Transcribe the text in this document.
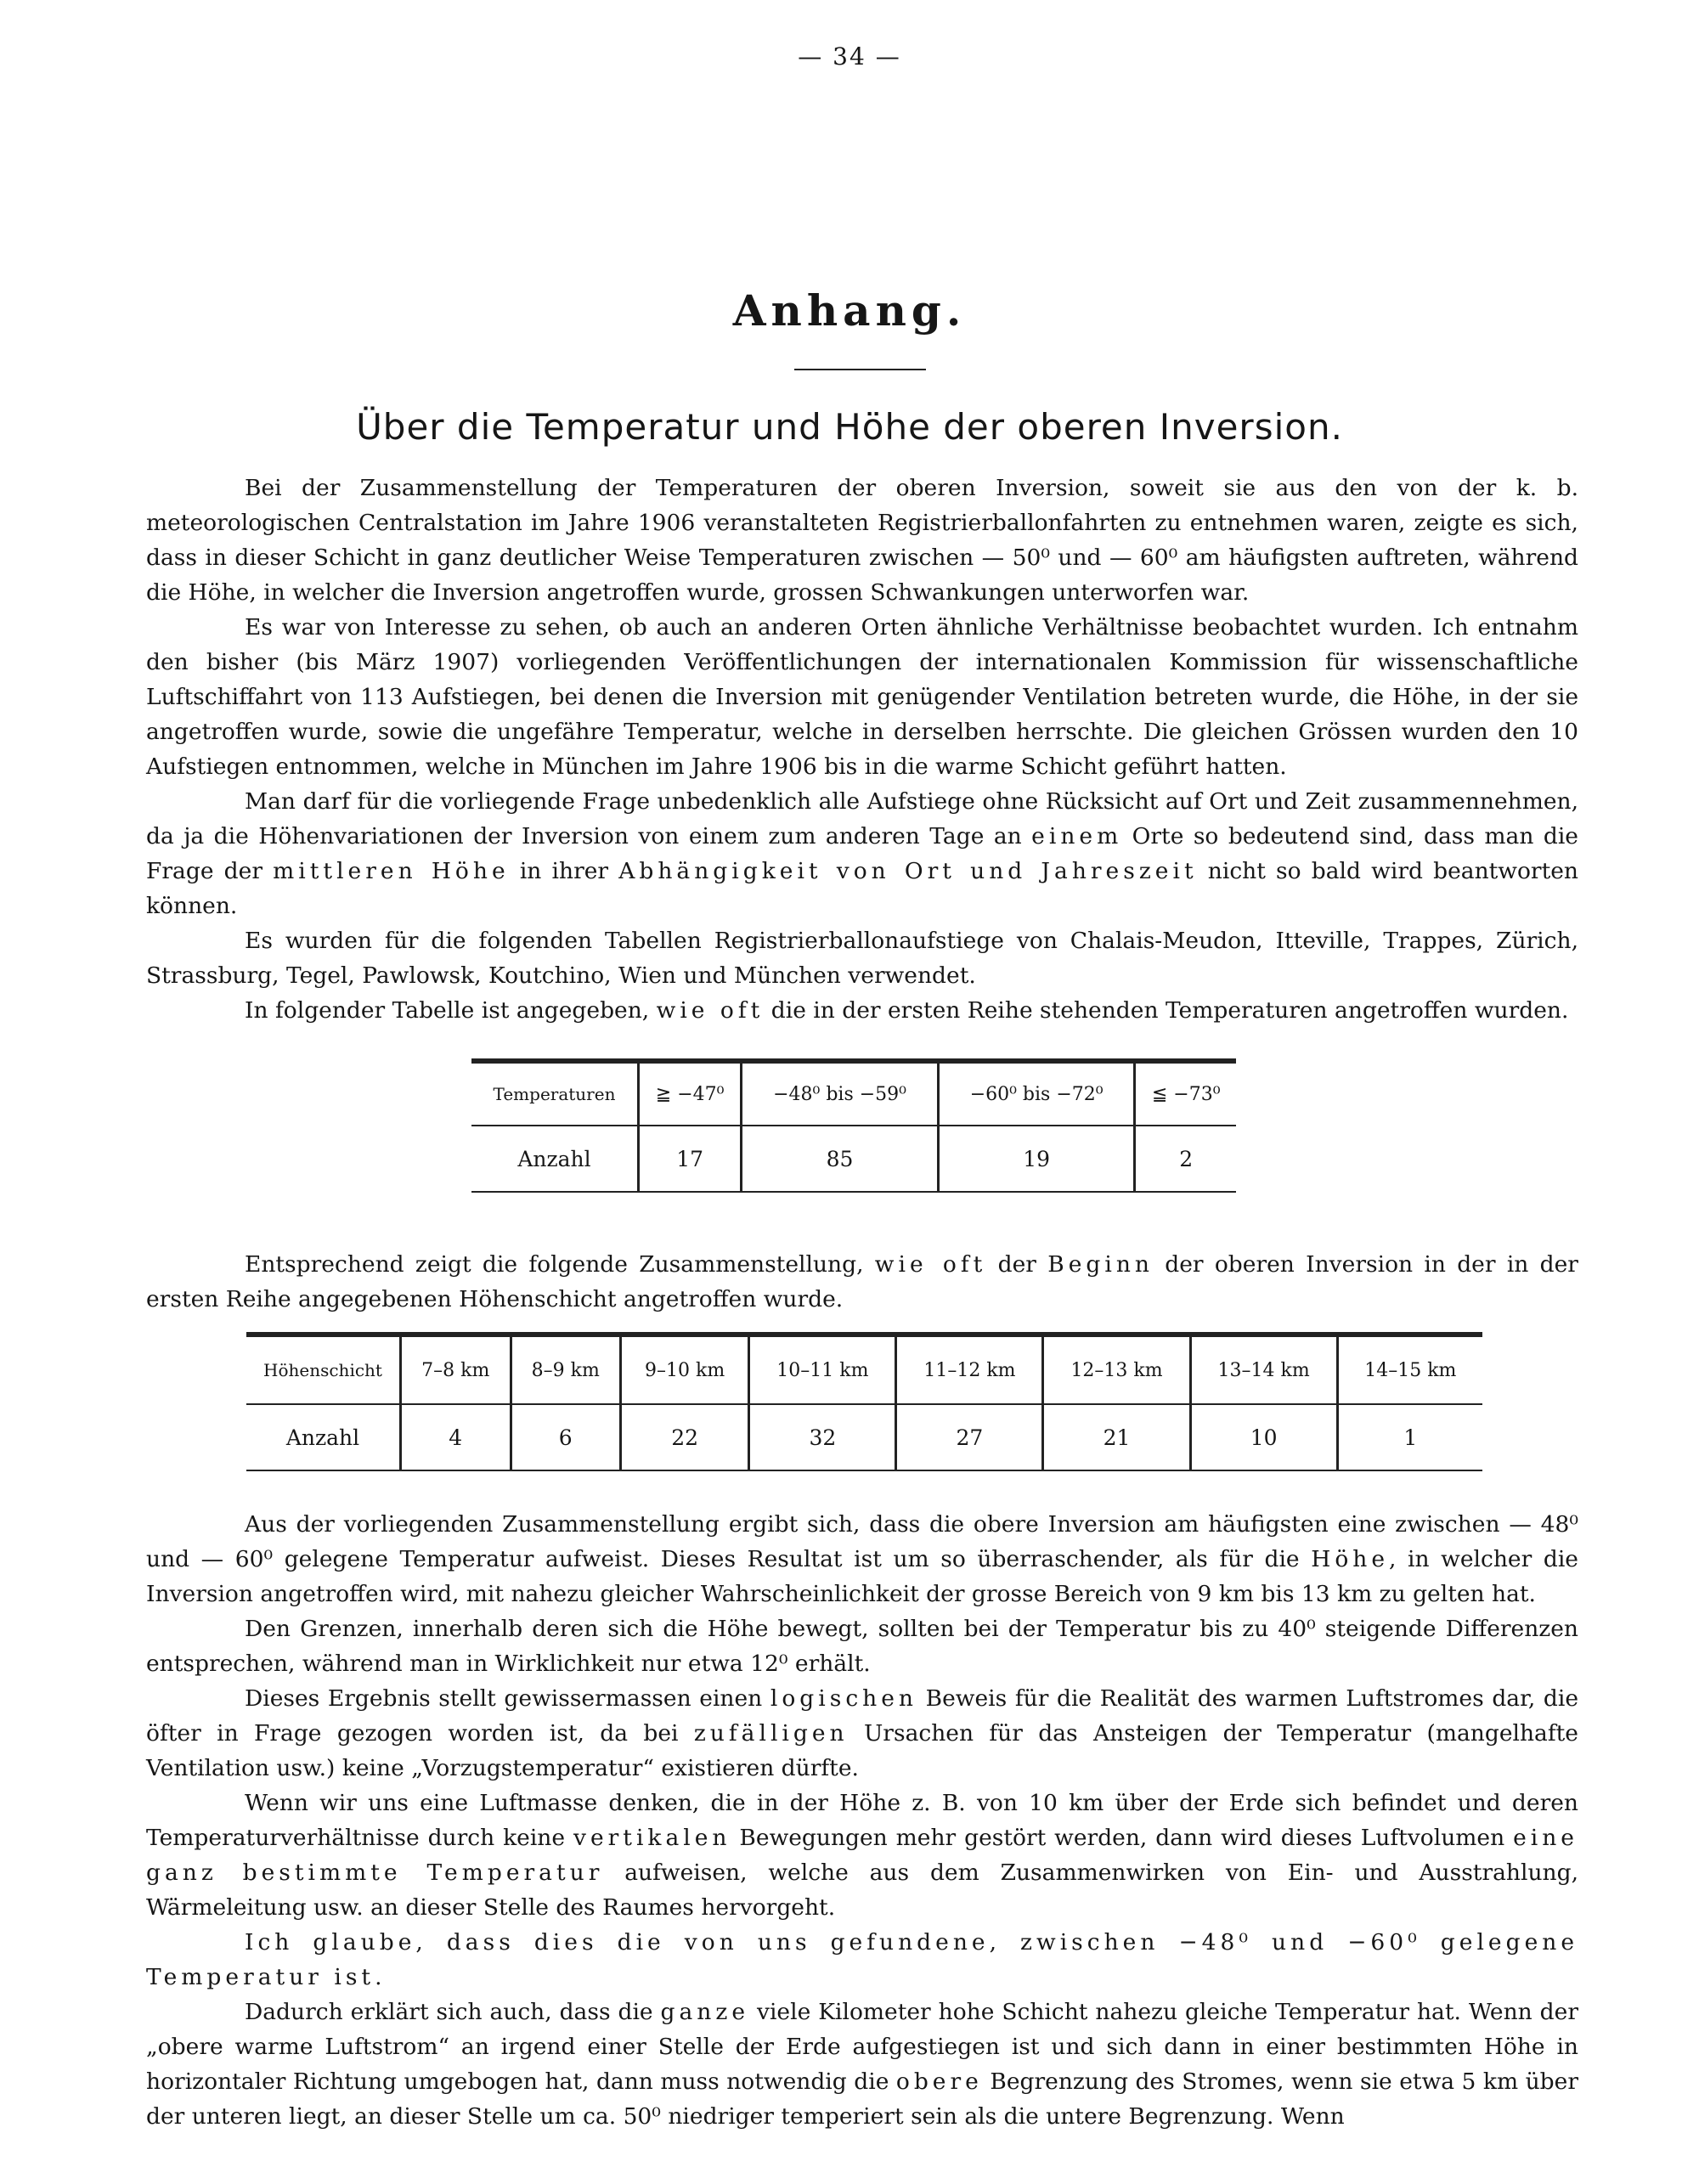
— 34 —
Anhang.
Über die Temperatur und Höhe der oberen Inversion.

Bei der Zusammenstellung der Temperaturen der oberen Inversion, soweit sie aus den von der k. b. meteorologischen Centralstation im Jahre 1906 veranstalteten Registrierballonfahrten zu entnehmen waren, zeigte es sich, dass in dieser Schicht in ganz deutlicher Weise Temperaturen zwischen — 50⁰ und — 60⁰ am häufigsten auftreten, während die Höhe, in welcher die Inversion angetroffen wurde, grossen Schwankungen unterworfen war.

Es war von Interesse zu sehen, ob auch an anderen Orten ähnliche Verhältnisse beobachtet wurden. Ich entnahm den bisher (bis März 1907) vorliegenden Veröffentlichungen der internationalen Kommission für wissenschaftliche Luftschiffahrt von 113 Aufstiegen, bei denen die Inversion mit genügender Ventilation betreten wurde, die Höhe, in der sie angetroffen wurde, sowie die ungefähre Temperatur, welche in derselben herrschte. Die gleichen Grössen wurden den 10 Aufstiegen entnommen, welche in München im Jahre 1906 bis in die warme Schicht geführt hatten.

Man darf für die vorliegende Frage unbedenklich alle Aufstiege ohne Rücksicht auf Ort und Zeit zusammennehmen, da ja die Höhenvariationen der Inversion von einem zum anderen Tage an einem Orte so bedeutend sind, dass man die Frage der mittleren Höhe in ihrer Abhängigkeit von Ort und Jahreszeit nicht so bald wird beantworten können.

Es wurden für die folgenden Tabellen Registrierballonaufstiege von Chalais-Meudon, Itteville, Trappes, Zürich, Strassburg, Tegel, Pawlowsk, Koutchino, Wien und München verwendet.

In folgender Tabelle ist angegeben, wie oft die in der ersten Reihe stehenden Temperaturen angetroffen wurden.

Temperaturen	≧ −47⁰	−48⁰ bis −59⁰	−60⁰ bis −72⁰	≦ −73⁰
Anzahl	17	85	19	2

Entsprechend zeigt die folgende Zusammenstellung, wie oft der Beginn der oberen Inversion in der in der ersten Reihe angegebenen Höhenschicht angetroffen wurde.

Höhenschicht	7–8 km	8–9 km	9–10 km	10–11 km	11–12 km	12–13 km	13–14 km	14–15 km
Anzahl	4	6	22	32	27	21	10	1

Aus der vorliegenden Zusammenstellung ergibt sich, dass die obere Inversion am häufigsten eine zwischen — 48⁰ und — 60⁰ gelegene Temperatur aufweist. Dieses Resultat ist um so überraschender, als für die Höhe, in welcher die Inversion angetroffen wird, mit nahezu gleicher Wahrscheinlichkeit der grosse Bereich von 9 km bis 13 km zu gelten hat.

Den Grenzen, innerhalb deren sich die Höhe bewegt, sollten bei der Temperatur bis zu 40⁰ steigende Differenzen entsprechen, während man in Wirklichkeit nur etwa 12⁰ erhält.

Dieses Ergebnis stellt gewissermassen einen logischen Beweis für die Realität des warmen Luftstromes dar, die öfter in Frage gezogen worden ist, da bei zufälligen Ursachen für das Ansteigen der Temperatur (mangelhafte Ventilation usw.) keine „Vorzugstemperatur“ existieren dürfte.

Wenn wir uns eine Luftmasse denken, die in der Höhe z. B. von 10 km über der Erde sich befindet und deren Temperaturverhältnisse durch keine vertikalen Bewegungen mehr gestört werden, dann wird dieses Luftvolumen eine ganz bestimmte Temperatur aufweisen, welche aus dem Zusammenwirken von Ein- und Ausstrahlung, Wärmeleitung usw. an dieser Stelle des Raumes hervorgeht.

Ich glaube, dass dies die von uns gefundene, zwischen −48⁰ und −60⁰ gelegene Temperatur ist.

Dadurch erklärt sich auch, dass die ganze viele Kilometer hohe Schicht nahezu gleiche Temperatur hat. Wenn der „obere warme Luftstrom“ an irgend einer Stelle der Erde aufgestiegen ist und sich dann in einer bestimmten Höhe in horizontaler Richtung umgebogen hat, dann muss notwendig die obere Begrenzung des Stromes, wenn sie etwa 5 km über der unteren liegt, an dieser Stelle um ca. 50⁰ niedriger temperiert sein als die untere Begrenzung. Wenn
